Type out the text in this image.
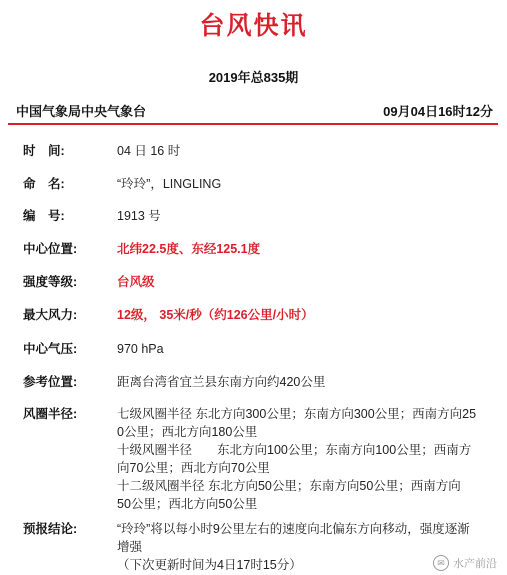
台风快讯
2019年总835期
中国气象局中央气象台	09月04日16时12分
时　间:	04 日 16 时
命　名:	“玲玲”，LINGLING
编　号:	1913 号
中心位置:	北纬22.5度、东经125.1度
强度等级:	台风级
最大风力:	12级， 35米/秒（约126公里/小时）
中心气压:	970 hPa
参考位置:	距离台湾省宜兰县东南方向约420公里
风圈半径:	七级风圈半径 东北方向300公里；东南方向300公里；西南方向25
0公里；西北方向180公里
十级风圈半径　　东北方向100公里；东南方向100公里；西南方
向70公里；西北方向70公里
十二级风圈半径 东北方向50公里；东南方向50公里；西南方向
50公里；西北方向50公里
预报结论:	“玲玲”将以每小时9公里左右的速度向北偏东方向移动，强度逐渐
增强
（下次更新时间为4日17时15分）	✉ 水产前沿
